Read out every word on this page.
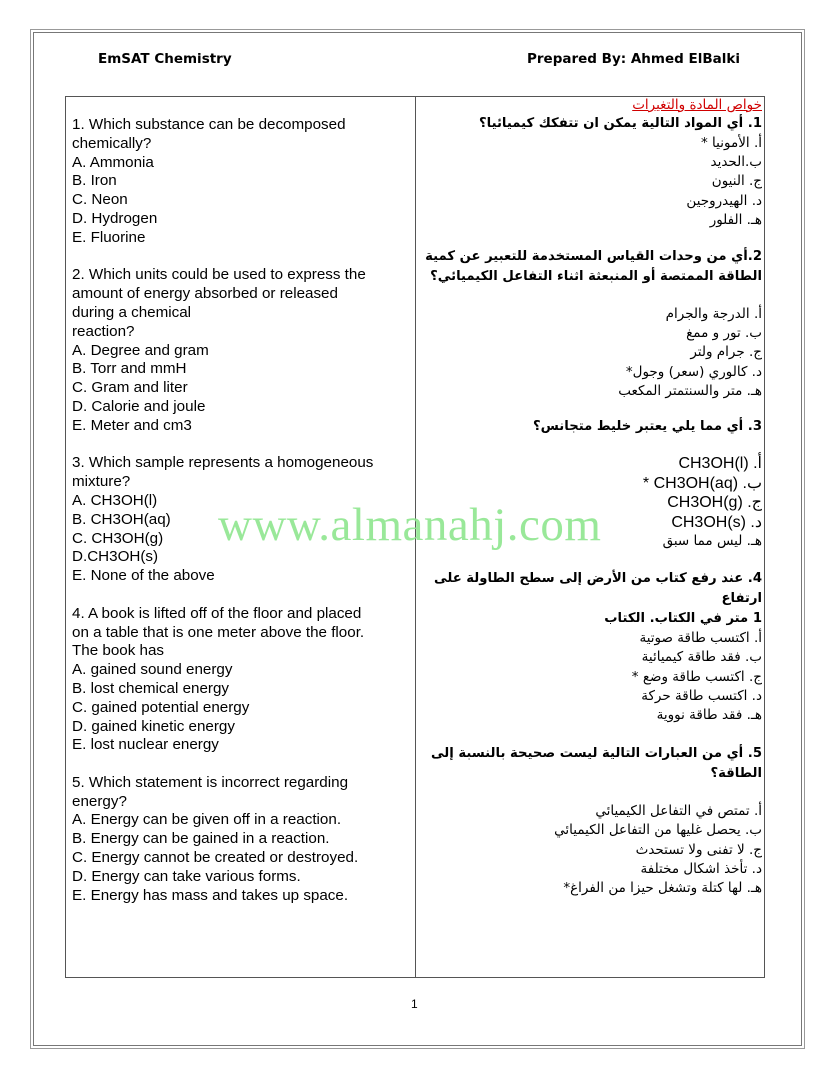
EmSAT Chemistry	Prepared By: Ahmed ElBalki
1. Which substance can be decomposed
chemically?
A. Ammonia
B. Iron
C. Neon
D. Hydrogen
E. Fluorine
2. Which units could be used to express the
amount of energy absorbed or released
during a chemical
reaction?
A. Degree and gram
B. Torr and mmH
C. Gram and liter
D. Calorie and joule
E. Meter and cm3
3. Which sample represents a homogeneous
mixture?
A. CH3OH(l)
B. CH3OH(aq)
C. CH3OH(g)
D.CH3OH(s)
E. None of the above
4. A book is lifted off of the floor and placed
on a table that is one meter above the floor.
The book has
A. gained sound energy
B. lost chemical energy
C. gained potential energy
D. gained kinetic energy
E. lost nuclear energy
5. Which statement is incorrect regarding
energy?
A. Energy can be given off in a reaction.
B. Energy can be gained in a reaction.
C. Energy cannot be created or destroyed.
D. Energy can take various forms.
E. Energy has mass and takes up space.
خواص المادة والتغيرات
1. أي المواد التالية يمكن ان تتفكك كيميائيا؟
أ. الأمونيا *
ب.الحديد
ج. النيون
د. الهيدروجين
هـ. الفلور
2.أي من وحدات القياس المستخدمة للتعبير عن كمية
الطاقة الممتصة أو المنبعثة اثناء التفاعل الكيميائي؟
أ. الدرجة والجرام
ب. تور و ممغ
ج. جرام ولتر
د. كالوري (سعر) وجول*
هـ. متر والسنتمتر المكعب
3. أي مما يلي يعتبر خليط متجانس؟
أ. CH3OH(l)
ب. CH3OH(aq) *
ج. CH3OH(g)
د. CH3OH(s)
هـ. ليس مما سبق
4. عند رفع كتاب من الأرض إلى سطح الطاولة على ارتفاع
1 متر في الكتاب. الكتاب
أ. اكتسب طاقة صوتية
ب. فقد طاقة كيميائية
ج. اكتسب طاقة وضع *
د. اكتسب طاقة حركة
هـ. فقد طاقة نووية
5. أي من العبارات التالية ليست صحيحة بالنسبة إلى
الطاقة؟
أ. تمتص في التفاعل الكيميائي
ب. يحصل غليها من التفاعل الكيميائي
ج. لا تفنى ولا تستحدث
د. تأخذ اشكال مختلفة
هـ. لها كتلة وتشغل حيزا من الفراغ*
www.almanahj.com
1
